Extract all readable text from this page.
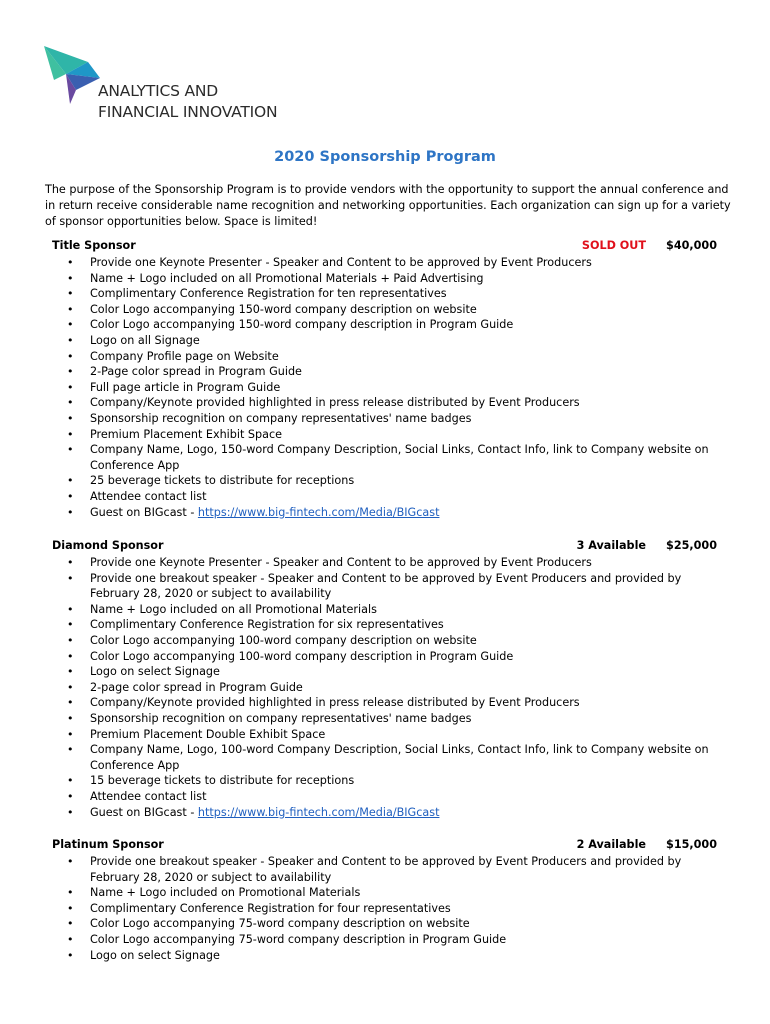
ANALYTICS AND
FINANCIAL INNOVATION
2020 Sponsorship Program
The purpose of the Sponsorship Program is to provide vendors with the opportunity to support the annual conference and in return receive considerable name recognition and networking opportunities. Each organization can sign up for a variety of sponsor opportunities below. Space is limited!
Title Sponsor	SOLD OUT $40,000
• Provide one Keynote Presenter - Speaker and Content to be approved by Event Producers
• Name + Logo included on all Promotional Materials + Paid Advertising
• Complimentary Conference Registration for ten representatives
• Color Logo accompanying 150-word company description on website
• Color Logo accompanying 150-word company description in Program Guide
• Logo on all Signage
• Company Profile page on Website
• 2-Page color spread in Program Guide
• Full page article in Program Guide
• Company/Keynote provided highlighted in press release distributed by Event Producers
• Sponsorship recognition on company representatives' name badges
• Premium Placement Exhibit Space
• Company Name, Logo, 150-word Company Description, Social Links, Contact Info, link to Company website on Conference App
• 25 beverage tickets to distribute for receptions
• Attendee contact list
• Guest on BIGcast - https://www.big-fintech.com/Media/BIGcast
Diamond Sponsor	3 Available $25,000
• Provide one Keynote Presenter - Speaker and Content to be approved by Event Producers
• Provide one breakout speaker - Speaker and Content to be approved by Event Producers and provided by February 28, 2020 or subject to availability
• Name + Logo included on all Promotional Materials
• Complimentary Conference Registration for six representatives
• Color Logo accompanying 100-word company description on website
• Color Logo accompanying 100-word company description in Program Guide
• Logo on select Signage
• 2-page color spread in Program Guide
• Company/Keynote provided highlighted in press release distributed by Event Producers
• Sponsorship recognition on company representatives' name badges
• Premium Placement Double Exhibit Space
• Company Name, Logo, 100-word Company Description, Social Links, Contact Info, link to Company website on Conference App
• 15 beverage tickets to distribute for receptions
• Attendee contact list
• Guest on BIGcast - https://www.big-fintech.com/Media/BIGcast
Platinum Sponsor	2 Available $15,000
• Provide one breakout speaker - Speaker and Content to be approved by Event Producers and provided by February 28, 2020 or subject to availability
• Name + Logo included on Promotional Materials
• Complimentary Conference Registration for four representatives
• Color Logo accompanying 75-word company description on website
• Color Logo accompanying 75-word company description in Program Guide
• Logo on select Signage
